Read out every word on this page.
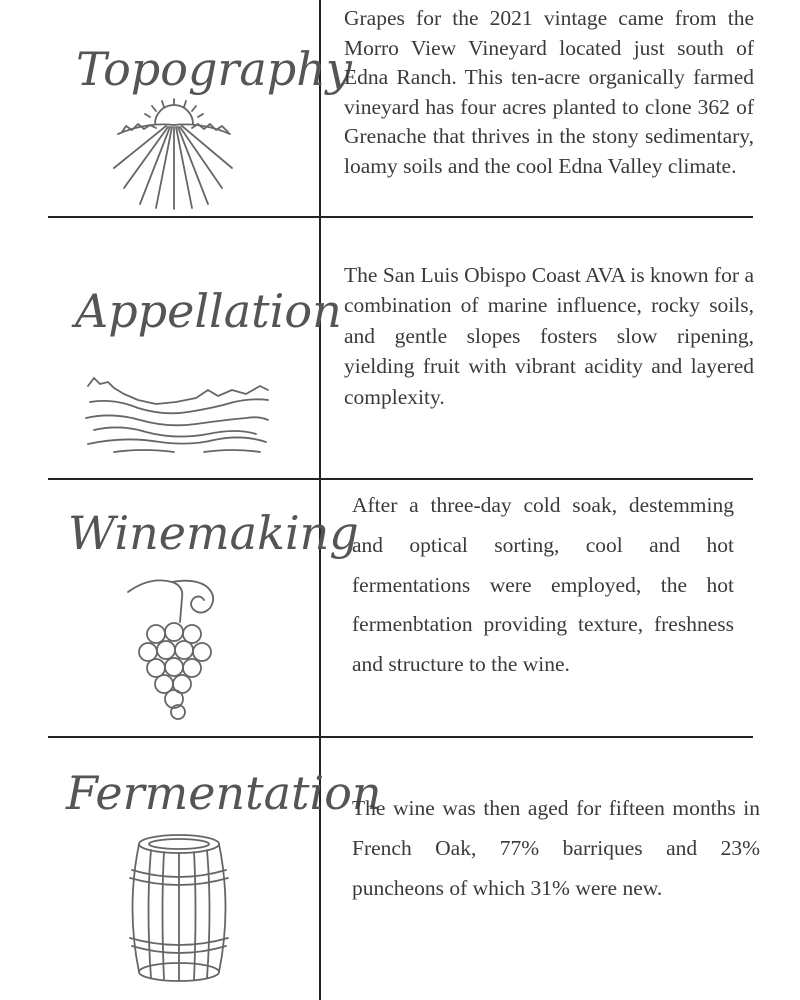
Topography

Grapes for the 2021 vintage came from the Morro View Vineyard located just south of Edna Ranch. This ten-acre organically farmed vineyard has four acres planted to clone 362 of Grenache that thrives in the stony sedimentary, loamy soils and the cool Edna Valley climate.

Appellation

The San Luis Obispo Coast AVA is known for a combination of marine influence, rocky soils, and gentle slopes fosters slow ripening, yielding fruit with vibrant acidity and layered complexity.

Winemaking

After a three-day cold soak, destemming and optical sorting, cool and hot fermentations were employed, the hot fermenbtation providing texture, freshness and structure to the wine.

Fermentation

The wine was then aged for fifteen months in French Oak, 77% barriques and 23% puncheons of which 31% were new.
